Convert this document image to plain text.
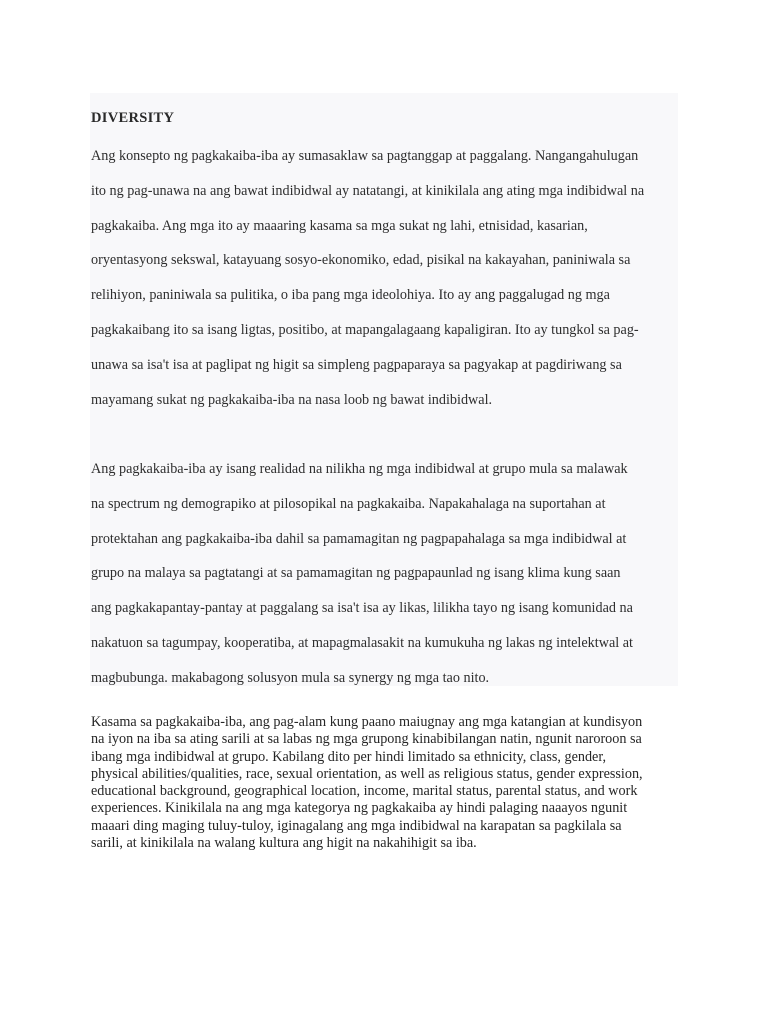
DIVERSITY

Ang konsepto ng pagkakaiba-iba ay sumasaklaw sa pagtanggap at paggalang. Nangangahulugan
ito ng pag-unawa na ang bawat indibidwal ay natatangi, at kinikilala ang ating mga indibidwal na
pagkakaiba. Ang mga ito ay maaaring kasama sa mga sukat ng lahi, etnisidad, kasarian,
oryentasyong sekswal, katayuang sosyo-ekonomiko, edad, pisikal na kakayahan, paniniwala sa
relihiyon, paniniwala sa pulitika, o iba pang mga ideolohiya. Ito ay ang paggalugad ng mga
pagkakaibang ito sa isang ligtas, positibo, at mapangalagaang kapaligiran. Ito ay tungkol sa pag-
unawa sa isa't isa at paglipat ng higit sa simpleng pagpaparaya sa pagyakap at pagdiriwang sa
mayamang sukat ng pagkakaiba-iba na nasa loob ng bawat indibidwal.

Ang pagkakaiba-iba ay isang realidad na nilikha ng mga indibidwal at grupo mula sa malawak
na spectrum ng demograpiko at pilosopikal na pagkakaiba. Napakahalaga na suportahan at
protektahan ang pagkakaiba-iba dahil sa pamamagitan ng pagpapahalaga sa mga indibidwal at
grupo na malaya sa pagtatangi at sa pamamagitan ng pagpapaunlad ng isang klima kung saan
ang pagkakapantay-pantay at paggalang sa isa't isa ay likas, lilikha tayo ng isang komunidad na
nakatuon sa tagumpay, kooperatiba, at mapagmalasakit na kumukuha ng lakas ng intelektwal at
magbubunga. makabagong solusyon mula sa synergy ng mga tao nito.

Kasama sa pagkakaiba-iba, ang pag-alam kung paano maiugnay ang mga katangian at kundisyon
na iyon na iba sa ating sarili at sa labas ng mga grupong kinabibilangan natin, ngunit naroroon sa
ibang mga indibidwal at grupo. Kabilang dito per hindi limitado sa ethnicity, class, gender,
physical abilities/qualities, race, sexual orientation, as well as religious status, gender expression,
educational background, geographical location, income, marital status, parental status, and work
experiences. Kinikilala na ang mga kategorya ng pagkakaiba ay hindi palaging naaayos ngunit
maaari ding maging tuluy-tuloy, iginagalang ang mga indibidwal na karapatan sa pagkilala sa
sarili, at kinikilala na walang kultura ang higit na nakahihigit sa iba.
